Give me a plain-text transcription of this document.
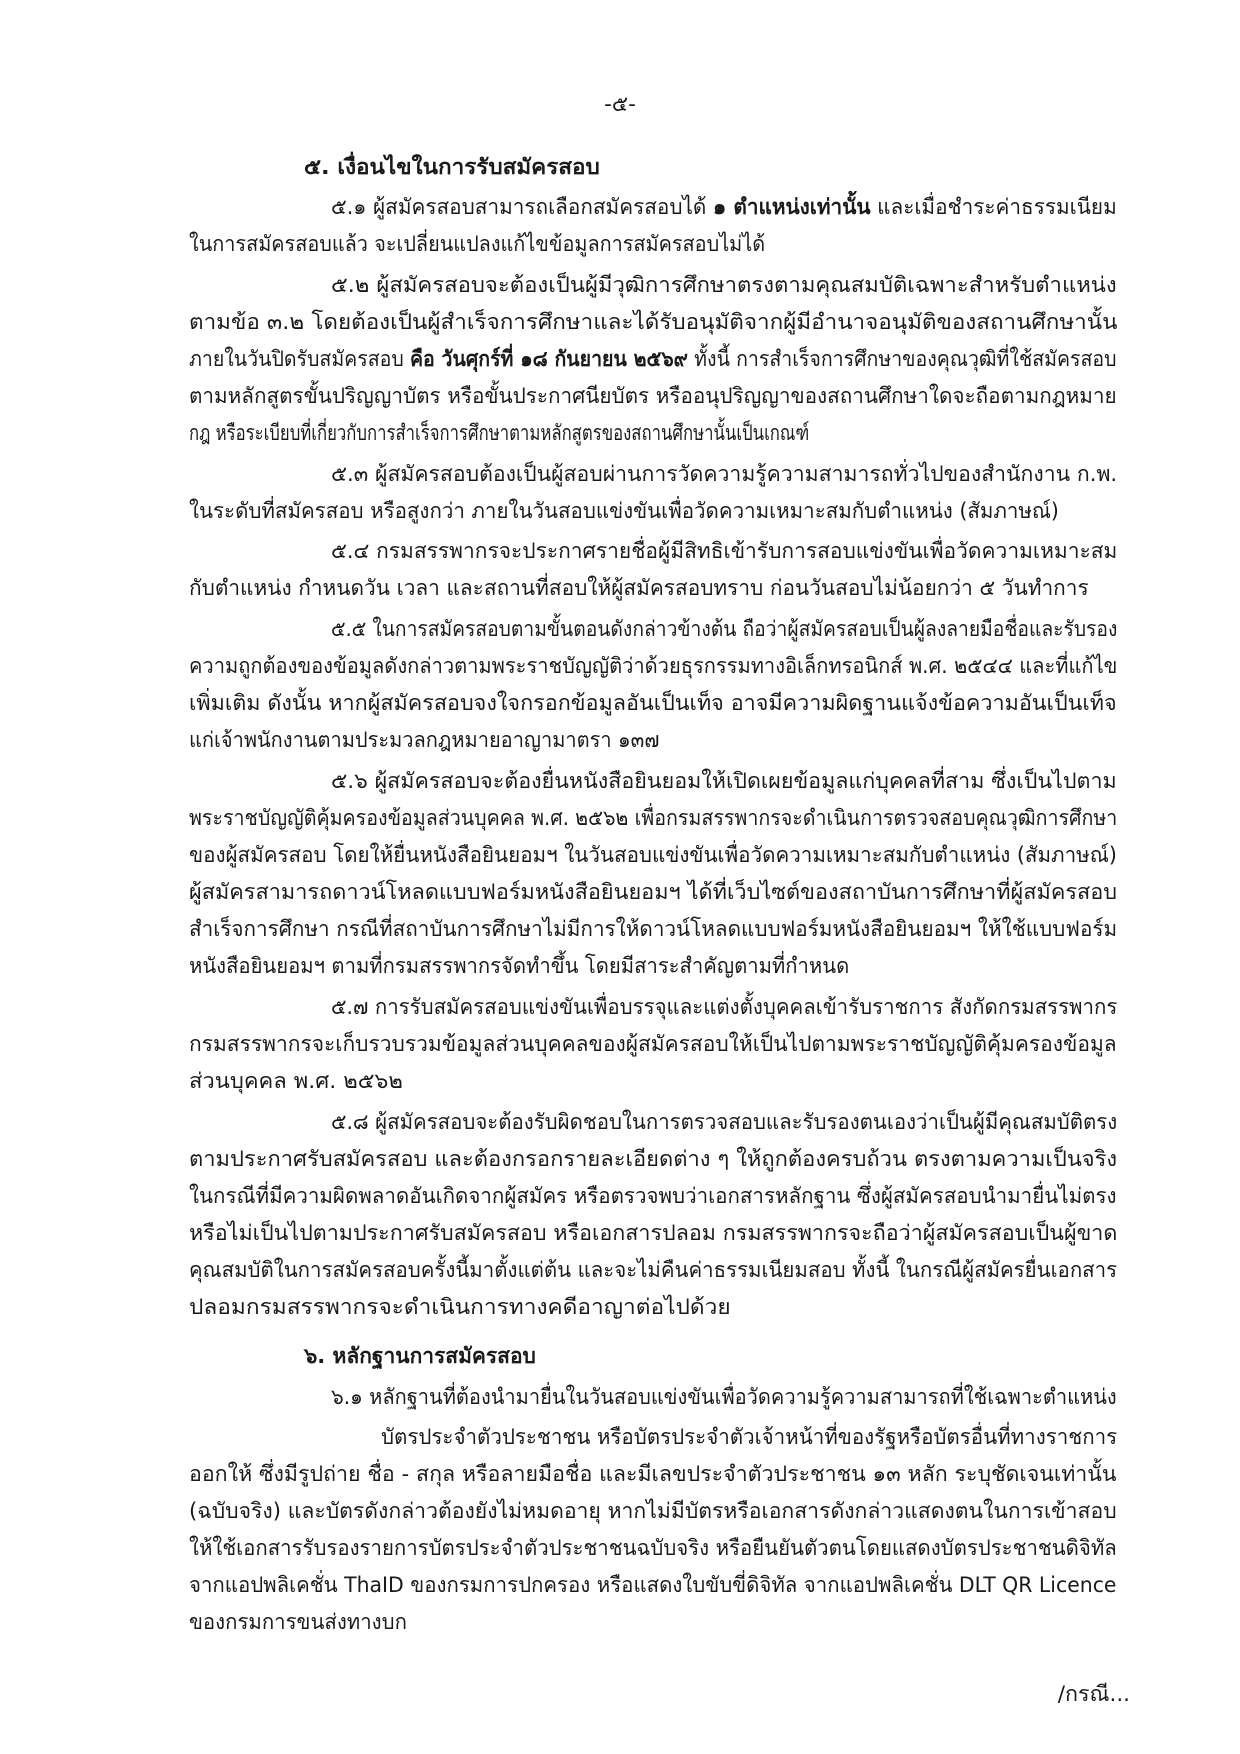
-๕-
๕. เงื่อนไขในการรับสมัครสอบ
๕.๑ ผู้สมัครสอบสามารถเลือกสมัครสอบได้ ๑ ตำแหน่งเท่านั้น และเมื่อชำระค่าธรรมเนียม
ในการสมัครสอบแล้ว จะเปลี่ยนแปลงแก้ไขข้อมูลการสมัครสอบไม่ได้
๕.๒ ผู้สมัครสอบจะต้องเป็นผู้มีวุฒิการศึกษาตรงตามคุณสมบัติเฉพาะสำหรับตำแหน่ง
ตามข้อ ๓.๒ โดยต้องเป็นผู้สำเร็จการศึกษาและได้รับอนุมัติจากผู้มีอำนาจอนุมัติของสถานศึกษานั้น
ภายในวันปิดรับสมัครสอบ คือ วันศุกร์ที่ ๑๘ กันยายน ๒๕๖๙ ทั้งนี้ การสำเร็จการศึกษาของคุณวุฒิที่ใช้สมัครสอบ
ตามหลักสูตรขั้นปริญญาบัตร หรือขั้นประกาศนียบัตร หรืออนุปริญญาของสถานศึกษาใดจะถือตามกฎหมาย
กฎ หรือระเบียบที่เกี่ยวกับการสำเร็จการศึกษาตามหลักสูตรของสถานศึกษานั้นเป็นเกณฑ์
๕.๓ ผู้สมัครสอบต้องเป็นผู้สอบผ่านการวัดความรู้ความสามารถทั่วไปของสำนักงาน ก.พ.
ในระดับที่สมัครสอบ หรือสูงกว่า ภายในวันสอบแข่งขันเพื่อวัดความเหมาะสมกับตำแหน่ง (สัมภาษณ์)
๕.๔ กรมสรรพากรจะประกาศรายชื่อผู้มีสิทธิเข้ารับการสอบแข่งขันเพื่อวัดความเหมาะสม
กับตำแหน่ง กำหนดวัน เวลา และสถานที่สอบให้ผู้สมัครสอบทราบ ก่อนวันสอบไม่น้อยกว่า ๕ วันทำการ
๕.๕ ในการสมัครสอบตามขั้นตอนดังกล่าวข้างต้น ถือว่าผู้สมัครสอบเป็นผู้ลงลายมือชื่อและรับรอง
ความถูกต้องของข้อมูลดังกล่าวตามพระราชบัญญัติว่าด้วยธุรกรรมทางอิเล็กทรอนิกส์ พ.ศ. ๒๕๔๔ และที่แก้ไข
เพิ่มเติม ดังนั้น หากผู้สมัครสอบจงใจกรอกข้อมูลอันเป็นเท็จ อาจมีความผิดฐานแจ้งข้อความอันเป็นเท็จ
แก่เจ้าพนักงานตามประมวลกฎหมายอาญามาตรา ๑๓๗
๕.๖ ผู้สมัครสอบจะต้องยื่นหนังสือยินยอมให้เปิดเผยข้อมูลแก่บุคคลที่สาม ซึ่งเป็นไปตาม
พระราชบัญญัติคุ้มครองข้อมูลส่วนบุคคล พ.ศ. ๒๕๖๒ เพื่อกรมสรรพากรจะดำเนินการตรวจสอบคุณวุฒิการศึกษา
ของผู้สมัครสอบ โดยให้ยื่นหนังสือยินยอมฯ ในวันสอบแข่งขันเพื่อวัดความเหมาะสมกับตำแหน่ง (สัมภาษณ์)
ผู้สมัครสามารถดาวน์โหลดแบบฟอร์มหนังสือยินยอมฯ ได้ที่เว็บไซต์ของสถาบันการศึกษาที่ผู้สมัครสอบ
สำเร็จการศึกษา กรณีที่สถาบันการศึกษาไม่มีการให้ดาวน์โหลดแบบฟอร์มหนังสือยินยอมฯ ให้ใช้แบบฟอร์ม
หนังสือยินยอมฯ ตามที่กรมสรรพากรจัดทำขึ้น โดยมีสาระสำคัญตามที่กำหนด
๕.๗ การรับสมัครสอบแข่งขันเพื่อบรรจุและแต่งตั้งบุคคลเข้ารับราชการ สังกัดกรมสรรพากร
กรมสรรพากรจะเก็บรวบรวมข้อมูลส่วนบุคคลของผู้สมัครสอบให้เป็นไปตามพระราชบัญญัติคุ้มครองข้อมูล
ส่วนบุคคล พ.ศ. ๒๕๖๒
๕.๘ ผู้สมัครสอบจะต้องรับผิดชอบในการตรวจสอบและรับรองตนเองว่าเป็นผู้มีคุณสมบัติตรง
ตามประกาศรับสมัครสอบ และต้องกรอกรายละเอียดต่าง ๆ ให้ถูกต้องครบถ้วน ตรงตามความเป็นจริง
ในกรณีที่มีความผิดพลาดอันเกิดจากผู้สมัคร หรือตรวจพบว่าเอกสารหลักฐาน ซึ่งผู้สมัครสอบนำมายื่นไม่ตรง
หรือไม่เป็นไปตามประกาศรับสมัครสอบ หรือเอกสารปลอม กรมสรรพากรจะถือว่าผู้สมัครสอบเป็นผู้ขาด
คุณสมบัติในการสมัครสอบครั้งนี้มาตั้งแต่ต้น และจะไม่คืนค่าธรรมเนียมสอบ ทั้งนี้ ในกรณีผู้สมัครยื่นเอกสาร
ปลอมกรมสรรพากรจะดำเนินการทางคดีอาญาต่อไปด้วย
๖. หลักฐานการสมัครสอบ
๖.๑ หลักฐานที่ต้องนำมายื่นในวันสอบแข่งขันเพื่อวัดความรู้ความสามารถที่ใช้เฉพาะตำแหน่ง
บัตรประจำตัวประชาชน หรือบัตรประจำตัวเจ้าหน้าที่ของรัฐหรือบัตรอื่นที่ทางราชการ
ออกให้ ซึ่งมีรูปถ่าย ชื่อ - สกุล หรือลายมือชื่อ และมีเลขประจำตัวประชาชน ๑๓ หลัก ระบุชัดเจนเท่านั้น
(ฉบับจริง) และบัตรดังกล่าวต้องยังไม่หมดอายุ หากไม่มีบัตรหรือเอกสารดังกล่าวแสดงตนในการเข้าสอบ
ให้ใช้เอกสารรับรองรายการบัตรประจำตัวประชาชนฉบับจริง หรือยืนยันตัวตนโดยแสดงบัตรประชาชนดิจิทัล
จากแอปพลิเคชั่น ThaID ของกรมการปกครอง หรือแสดงใบขับขี่ดิจิทัล จากแอปพลิเคชั่น DLT QR Licence
ของกรมการขนส่งทางบก
/กรณี...
